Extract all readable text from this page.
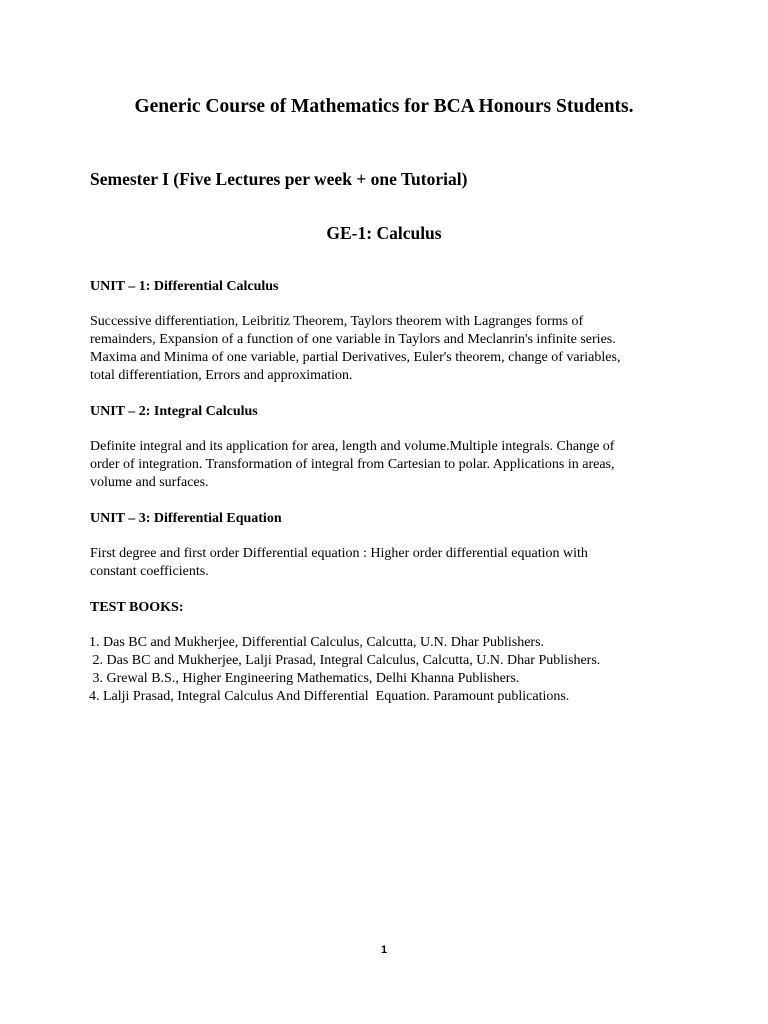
Generic Course of Mathematics for BCA Honours Students.
Semester I (Five Lectures per week + one Tutorial)
GE-1: Calculus
UNIT – 1: Differential Calculus

Successive differentiation, Leibritiz Theorem, Taylors theorem with Lagranges forms of
remainders, Expansion of a function of one variable in Taylors and Meclanrin's infinite series.
Maxima and Minima of one variable, partial Derivatives, Euler's theorem, change of variables,
total differentiation, Errors and approximation.

UNIT – 2: Integral Calculus

Definite integral and its application for area, length and volume.Multiple integrals. Change of
order of integration. Transformation of integral from Cartesian to polar. Applications in areas,
volume and surfaces.

UNIT – 3: Differential Equation

First degree and first order Differential equation : Higher order differential equation with
constant coefficients.

TEST BOOKS:
1. Das BC and Mukherjee, Differential Calculus, Calcutta, U.N. Dhar Publishers.
2. Das BC and Mukherjee, Lalji Prasad, Integral Calculus, Calcutta, U.N. Dhar Publishers.
3. Grewal B.S., Higher Engineering Mathematics, Delhi Khanna Publishers.
4. Lalji Prasad, Integral Calculus And Differential  Equation. Paramount publications.
1
